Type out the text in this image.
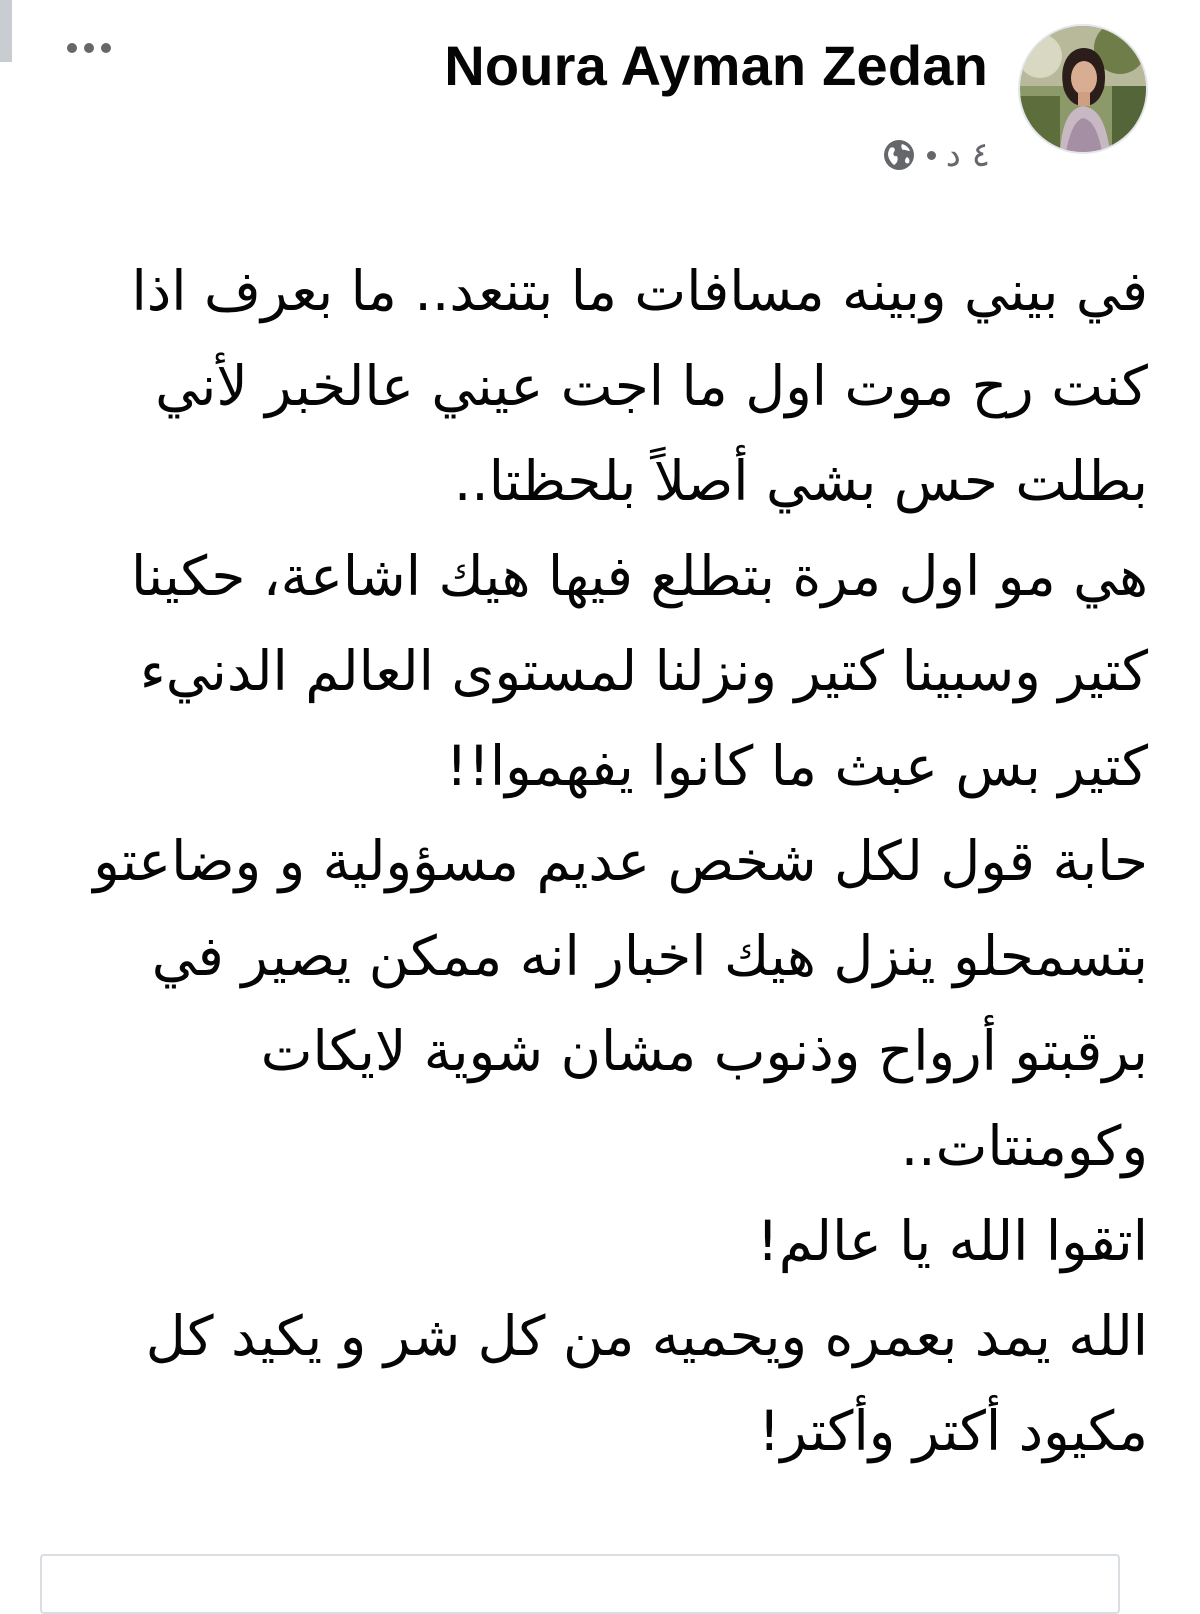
Noura Ayman Zedan
٤ د

في بيني وبينه مسافات ما بتنعد.. ما بعرف اذا كنت رح موت اول ما اجت عيني عالخبر لأني بطلت حس بشي أصلاً بلحظتا..

هي مو اول مرة بتطلع فيها هيك اشاعة، حكينا كتير وسبينا كتير ونزلنا لمستوى العالم الدنيء كتير بس عبث ما كانوا يفهموا!!

حابة قول لكل شخص عديم مسؤولية و وضاعتو بتسمحلو ينزل هيك اخبار انه ممكن يصير في برقبتو أرواح وذنوب مشان شوية لايكات وكومنتات..

اتقوا الله يا عالم!

الله يمد بعمره ويحميه من كل شر و يكيد كل مكيود أكتر وأكتر!
